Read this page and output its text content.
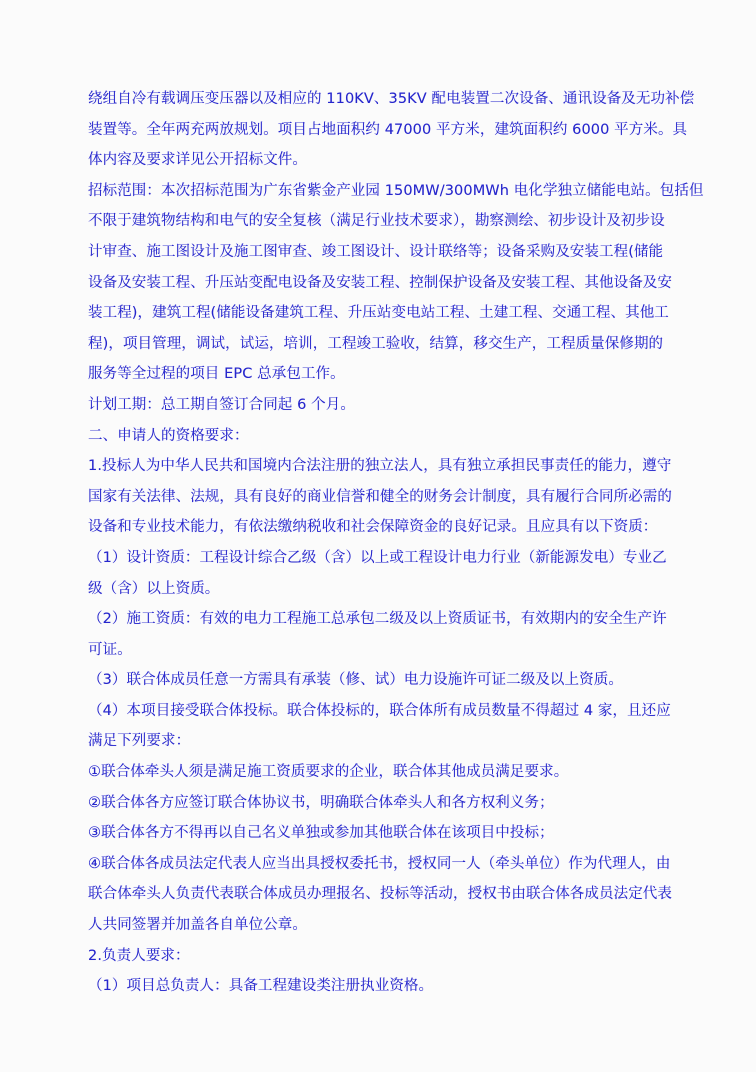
绕组自冷有载调压变压器以及相应的 110KV、35KV 配电装置二次设备、通讯设备及无功补偿
装置等。全年两充两放规划。项目占地面积约 47000 平方米，建筑面积约 6000 平方米。具
体内容及要求详见公开招标文件。
招标范围：本次招标范围为广东省紫金产业园 150MW/300MWh 电化学独立储能电站。包括但
不限于建筑物结构和电气的安全复核（满足行业技术要求），勘察测绘、初步设计及初步设
计审查、施工图设计及施工图审查、竣工图设计、设计联络等；设备采购及安装工程(储能
设备及安装工程、升压站变配电设备及安装工程、控制保护设备及安装工程、其他设备及安
装工程)，建筑工程(储能设备建筑工程、升压站变电站工程、土建工程、交通工程、其他工
程)，项目管理，调试，试运，培训，工程竣工验收，结算，移交生产，工程质量保修期的
服务等全过程的项目 EPC 总承包工作。
计划工期：总工期自签订合同起 6 个月。
二、申请人的资格要求：
1.投标人为中华人民共和国境内合法注册的独立法人，具有独立承担民事责任的能力，遵守
国家有关法律、法规，具有良好的商业信誉和健全的财务会计制度，具有履行合同所必需的
设备和专业技术能力，有依法缴纳税收和社会保障资金的良好记录。且应具有以下资质：
（1）设计资质：工程设计综合乙级（含）以上或工程设计电力行业（新能源发电）专业乙
级（含）以上资质。
（2）施工资质：有效的电力工程施工总承包二级及以上资质证书，有效期内的安全生产许
可证。
（3）联合体成员任意一方需具有承装（修、试）电力设施许可证二级及以上资质。
（4）本项目接受联合体投标。联合体投标的，联合体所有成员数量不得超过 4 家，且还应
满足下列要求：
①联合体牵头人须是满足施工资质要求的企业，联合体其他成员满足要求。
②联合体各方应签订联合体协议书，明确联合体牵头人和各方权利义务；
③联合体各方不得再以自己名义单独或参加其他联合体在该项目中投标；
④联合体各成员法定代表人应当出具授权委托书，授权同一人（牵头单位）作为代理人，由
联合体牵头人负责代表联合体成员办理报名、投标等活动，授权书由联合体各成员法定代表
人共同签署并加盖各自单位公章。
2.负责人要求：
（1）项目总负责人：具备工程建设类注册执业资格。
